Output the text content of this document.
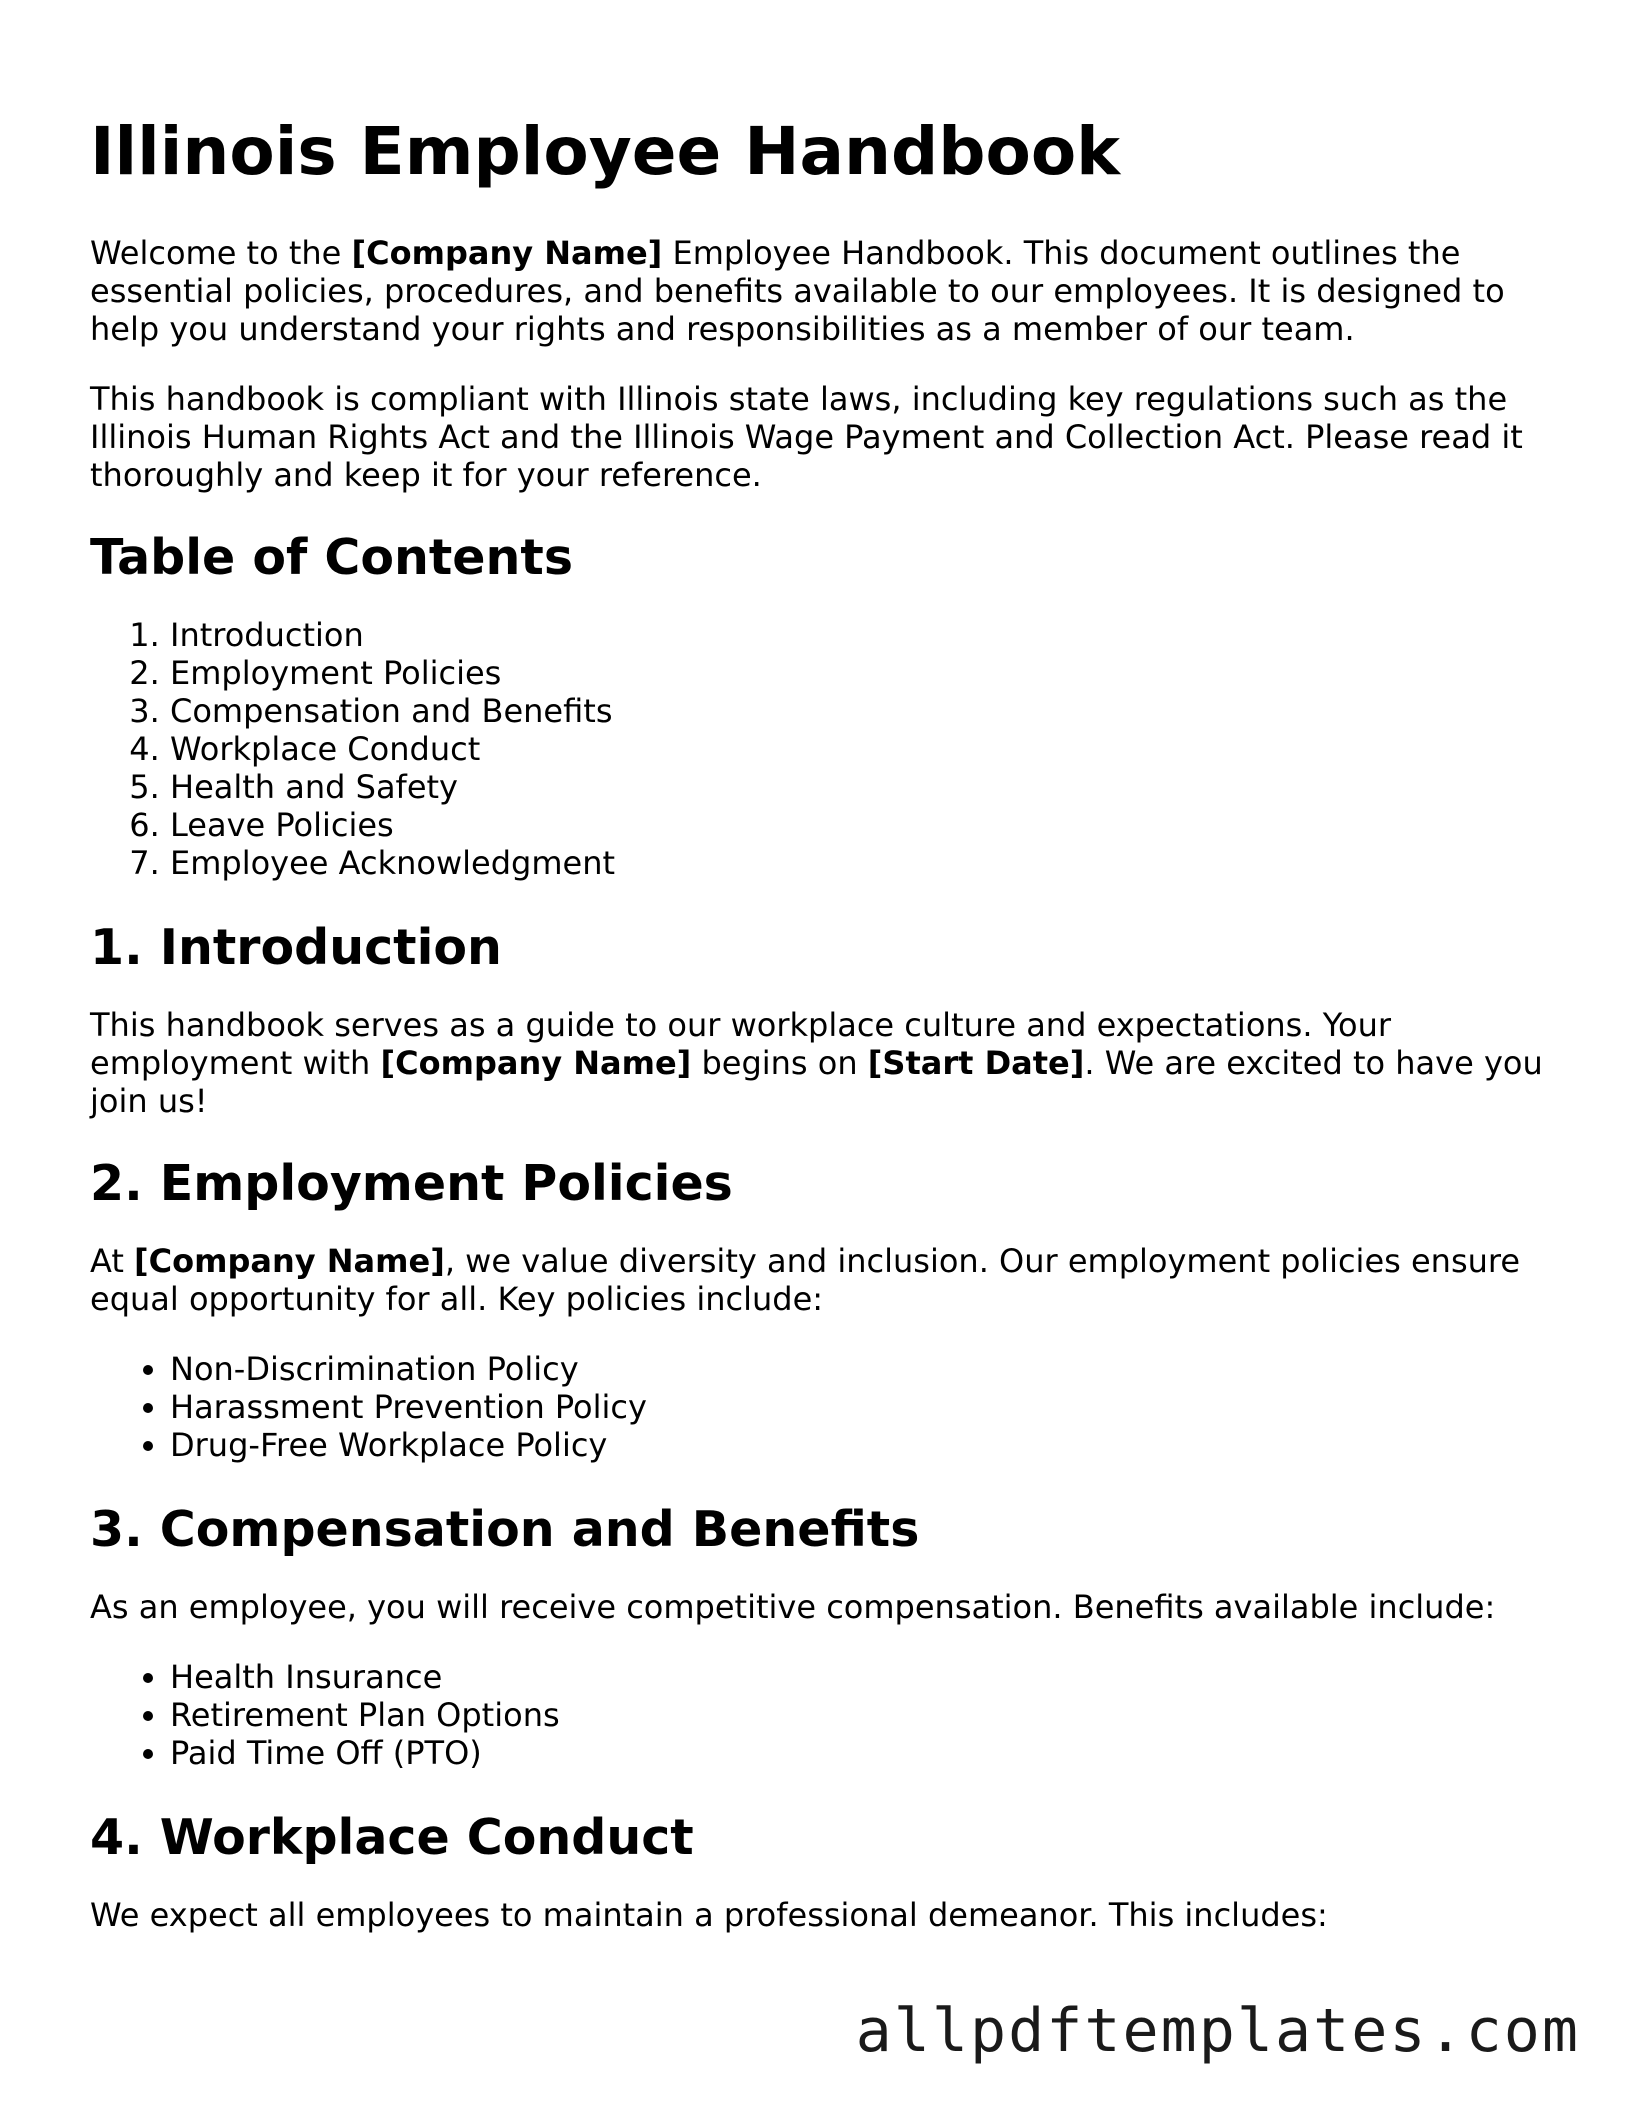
Illinois Employee Handbook

Welcome to the [Company Name] Employee Handbook. This document outlines the essential policies, procedures, and benefits available to our employees. It is designed to help you understand your rights and responsibilities as a member of our team.

This handbook is compliant with Illinois state laws, including key regulations such as the Illinois Human Rights Act and the Illinois Wage Payment and Collection Act. Please read it thoroughly and keep it for your reference.

Table of Contents
1. Introduction
2. Employment Policies
3. Compensation and Benefits
4. Workplace Conduct
5. Health and Safety
6. Leave Policies
7. Employee Acknowledgment
1. Introduction

This handbook serves as a guide to our workplace culture and expectations. Your employment with [Company Name] begins on [Start Date]. We are excited to have you join us!

2. Employment Policies

At [Company Name], we value diversity and inclusion. Our employment policies ensure equal opportunity for all. Key policies include:

• Non-Discrimination Policy
• Harassment Prevention Policy
• Drug-Free Workplace Policy
3. Compensation and Benefits

As an employee, you will receive competitive compensation. Benefits available include:

• Health Insurance
• Retirement Plan Options
• Paid Time Off (PTO)
4. Workplace Conduct

We expect all employees to maintain a professional demeanor. This includes:

allpdftemplates.com
